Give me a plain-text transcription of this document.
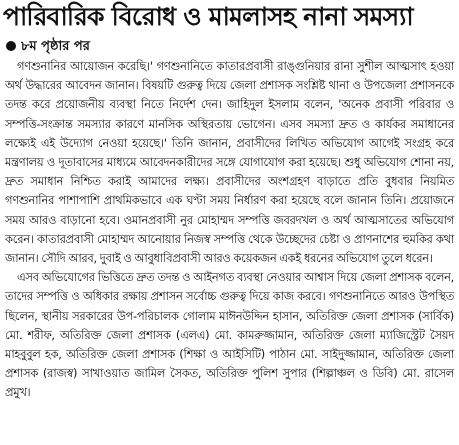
পারিবারিক বিরোধ ও মামলাসহ নানা সমস্যা
৮ম পৃষ্ঠার পর

গণশুনানির আয়োজন করেছি।' গণশুনানিতে কাতারপ্রবাসী রাঙ্গুনিয়ার রানা সুশীল আত্মসাৎ হওয়া অর্থ উদ্ধারের আবেদন জানান। বিষয়টি গুরুত্ব দিয়ে জেলা প্রশাসক সংশ্লিষ্ট থানা ও উপজেলা প্রশাসনকে তদন্ত করে প্রয়োজনীয় ব্যবস্থা নিতে নির্দেশ দেন। জাহিদুল ইসলাম বলেন, 'অনেক প্রবাসী পরিবার ও সম্পত্তি-সংক্রান্ত সমস্যার কারণে মানসিক অস্থিরতায় ভোগেন। এসব সমস্যা দ্রুত ও কার্যকর সমাধানের লক্ষ্যেই এই উদ্যোগ নেওয়া হয়েছে।' তিনি জানান, প্রবাসীদের লিখিত অভিযোগ আগেই সংগ্রহ করে মন্ত্রণালয় ও দূতাবাসের মাধ্যমে আবেদনকারীদের সঙ্গে যোগাযোগ করা হয়েছে। শুধু অভিযোগ শোনা নয়, দ্রুত সমাধান নিশ্চিত করাই আমাদের লক্ষ্য। প্রবাসীদের অংশগ্রহণ বাড়াতে প্রতি বুধবার নিয়মিত গণশুনানির পাশাপাশি প্রাথমিকভাবে এক ঘণ্টা সময় নির্ধারণ করা হয়েছে বলে জানান তিনি। প্রয়োজনে সময় আরও বাড়ানো হবে। ওমানপ্রবাসী নুর মোহাম্মদ সম্পত্তি জবরদখল ও অর্থ আত্মসাতের অভিযোগ করেন। কাতারপ্রবাসী মোহাম্মদ আনোয়ার নিজস্ব সম্পত্তি থেকে উচ্ছেদের চেষ্টা ও প্রাণনাশের হুমকির কথা জানান। সৌদি আরব, দুবাই ও আবুধাবিপ্রবাসী আরও কয়েকজন একই ধরনের অভিযোগ তুলে ধরেন।

এসব অভিযোগের ভিত্তিতে দ্রুত তদন্ত ও আইনগত ব্যবস্থা নেওয়ার আশ্বাস দিয়ে জেলা প্রশাসক বলেন, তাদের সম্পত্তি ও অধিকার রক্ষায় প্রশাসন সর্বোচ্চ গুরুত্ব দিয়ে কাজ করবে। গণশুনানিতে আরও উপস্থিত ছিলেন, স্থানীয় সরকারের উপ-পরিচালক গোলাম মাঈনউদ্দিন হাসান, অতিরিক্ত জেলা প্রশাসক (সার্বিক) মো. শরীফ, অতিরিক্ত জেলা প্রশাসক (এলএ) মো. কামরুজ্জামান, অতিরিক্ত জেলা ম্যাজিস্ট্রেট সৈয়দ মাহবুবুল হক, অতিরিক্ত জেলা প্রশাসক (শিক্ষা ও আইসিটি) পাঠান মো. সাইদুজ্জামান, অতিরিক্ত জেলা প্রশাসক (রাজস্ব) সাখাওয়াত জামিল সৈকত, অতিরিক্ত পুলিশ সুপার (শিল্পাঞ্চল ও ডিবি) মো. রাসেল প্রমুখ।
